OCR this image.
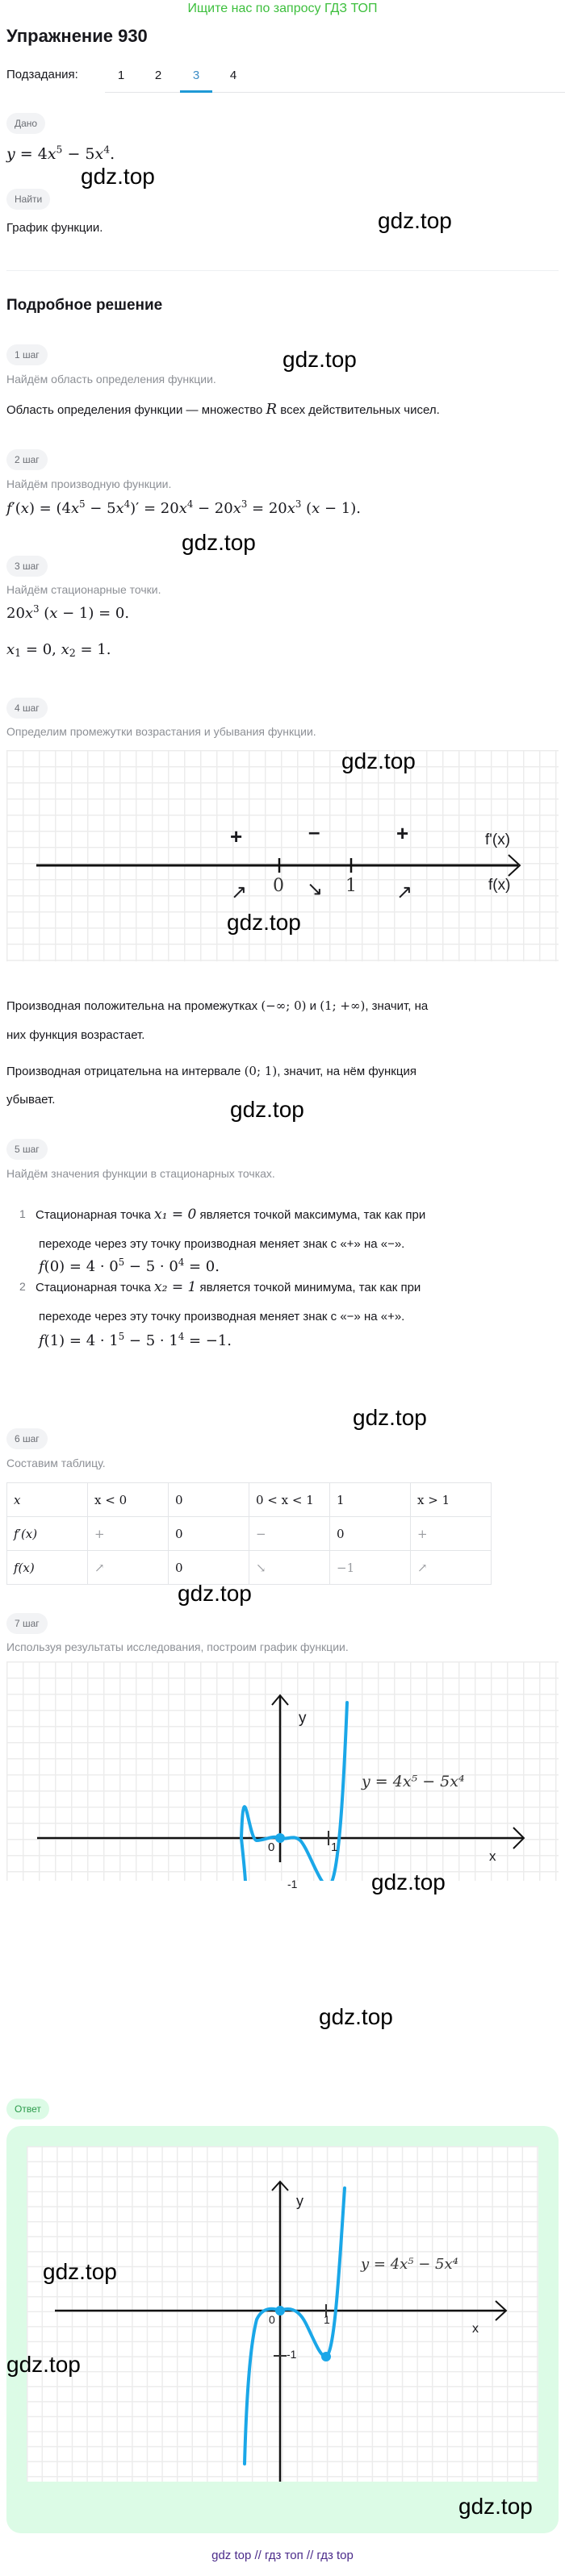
Ищите нас по запросу ГДЗ ТОП
Упражнение 930
Подзадания:	1	2	3	4
Дано
$y = 4x^5 - 5x^4$.
gdz.top
Найти
График функции.	gdz.top
Подробное решение
1 шаг	gdz.top
Найдём область определения функции.
Область определения функции — множество R всех действительных чисел.
2 шаг
Найдём производную функции.
$f'(x) = (4x^5 - 5x^4)' = 20x^4 - 20x^3 = 20x^3$ (x − 1).
gdz.top
3 шаг
Найдём стационарные точки.
$20x^3$ (x − 1) = 0.
$x_1 = 0$, $x_2 = 1$.
4 шаг
Определим промежутки возрастания и убывания функции.
+	–	+	f'(x)
f(x)
0	1
↗	↘	↗
gdz.top
gdz.top
Производная положительна на промежутках (−∞; 0) и (1; +∞), значит, на
них функция возрастает.
Производная отрицательна на интервале (0; 1), значит, на нём функция
убывает.	gdz.top
5 шаг
Найдём значения функции в стационарных точках.
1 Стационарная точка x₁ = 0 является точкой максимума, так как при
переходе через эту точку производная меняет знак с «+» на «−».
$f(0) = 4 \cdot 0^5 - 5 \cdot 0^4 = 0$.
2 Стационарная точка x₂ = 1 является точкой минимума, так как при
переходе через эту точку производная меняет знак с «−» на «+».
$f(1) = 4 \cdot 1^5 - 5 \cdot 1^4 = -1$.
gdz.top
6 шаг
Составим таблицу.
x	x < 0	0	0 < x < 1	1	x > 1
f′(x)	+	0	−	0	+
f(x)	↗	0	↘	−1	↗
gdz.top
7 шаг
Используя результаты исследования, построим график функции.
y
x
0	1
-1
y = 4x⁵ − 5x⁴
gdz.top
gdz.top
Ответ
y
x
0	1
-1
y = 4x⁵ − 5x⁴
gdz.top
gdz.top
gdz.top
gdz top // гдз топ // гдз top
